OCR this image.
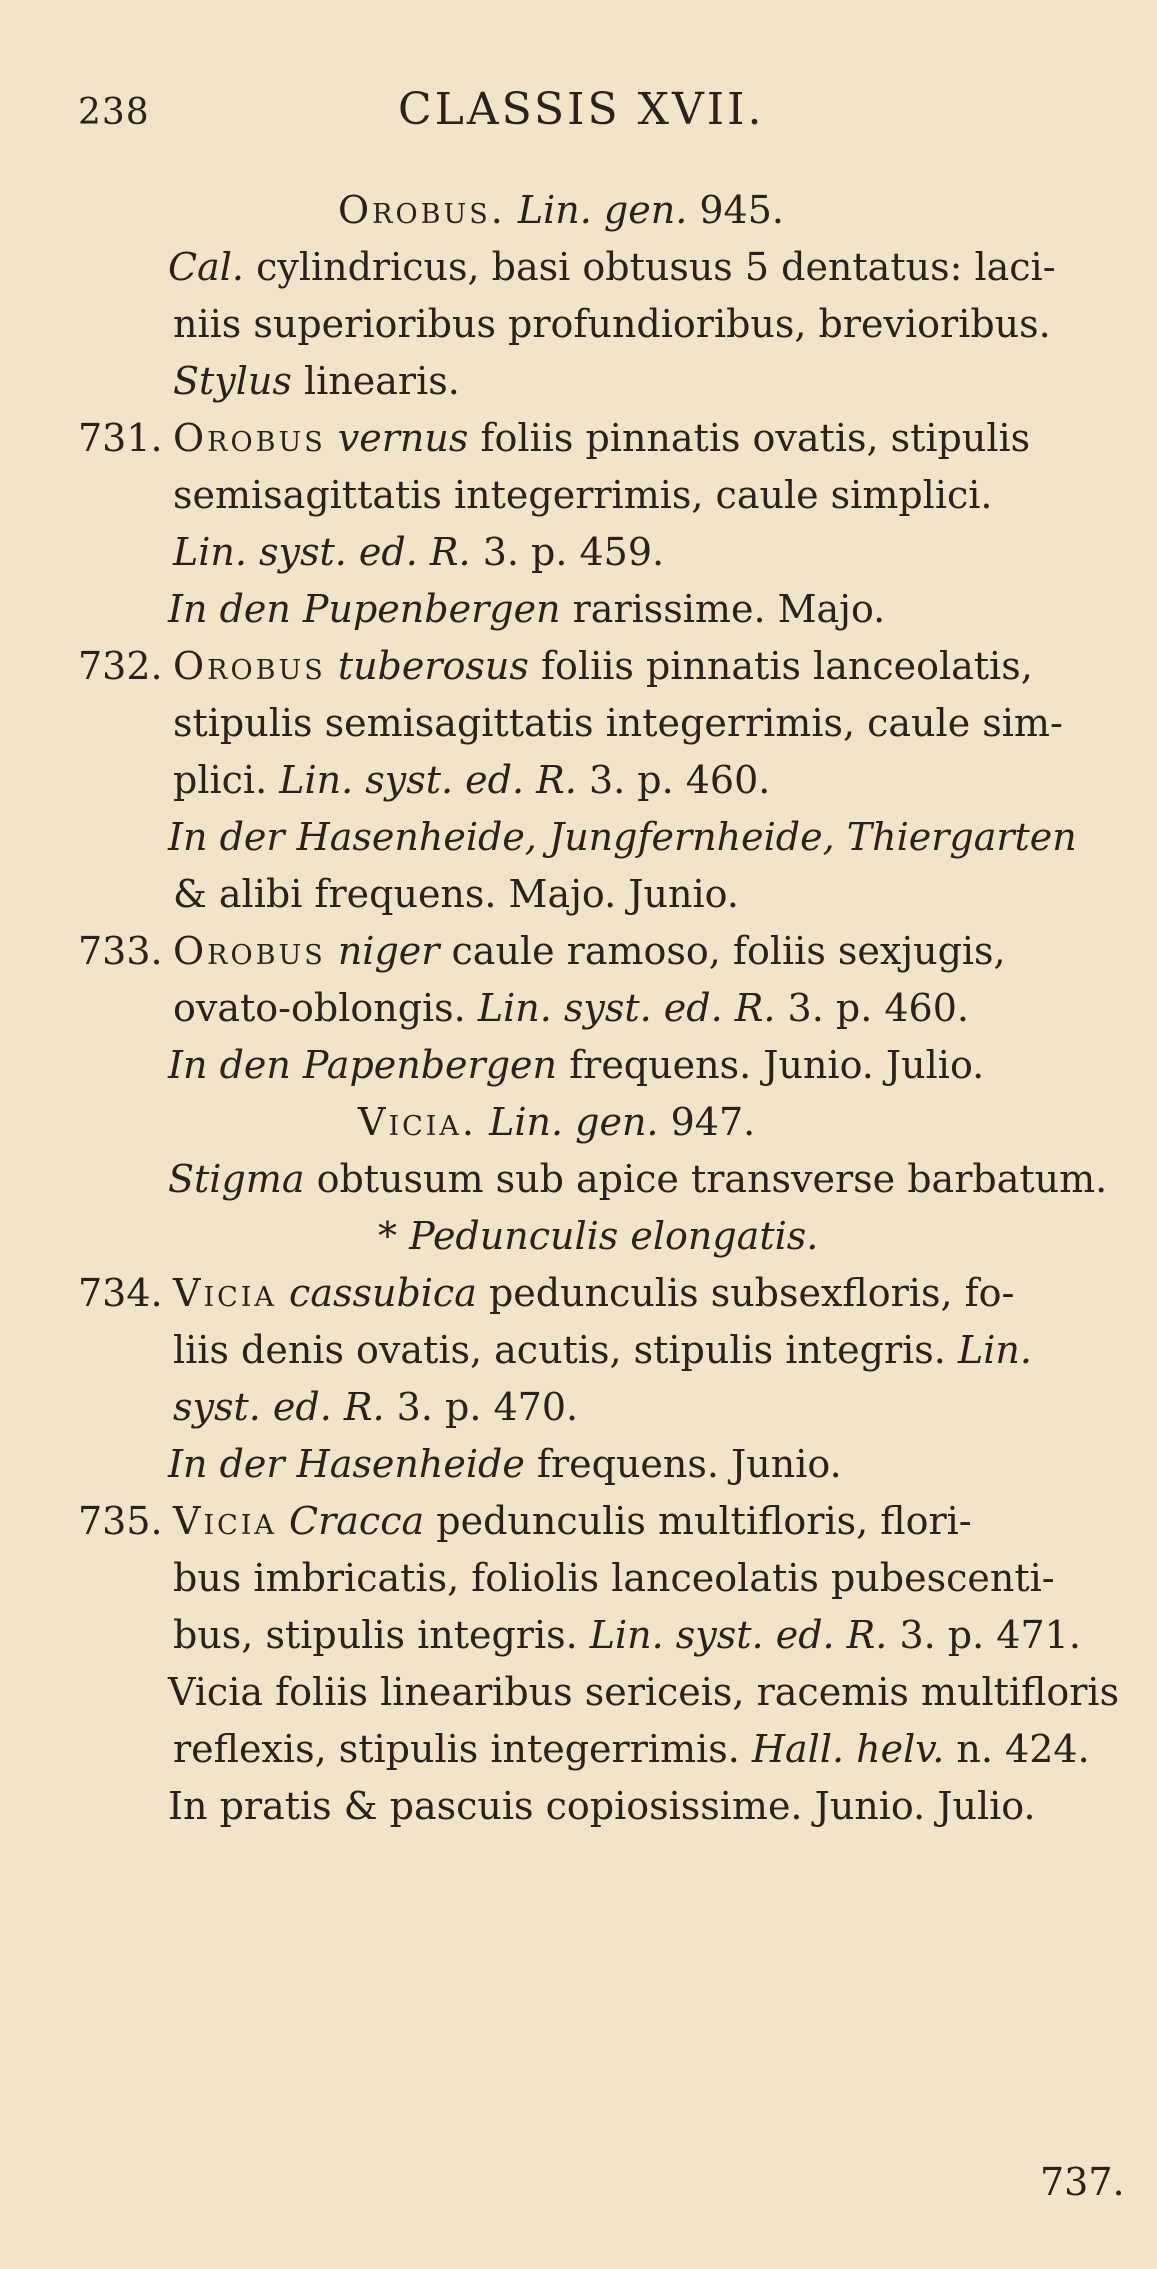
238	CLASSIS XVII.
Orobus. Lin. gen. 945.
Cal. cylindricus, basi obtusus 5 dentatus: laci-
niis superioribus profundioribus, brevioribus.
Stylus linearis.
731. Orobus vernus foliis pinnatis ovatis, stipulis
semisagittatis integerrimis, caule simplici.
Lin. syst. ed. R. 3. p. 459.
In den Pupenbergen rarissime. Majo.
732. Orobus tuberosus foliis pinnatis lanceolatis,
stipulis semisagittatis integerrimis, caule sim-
plici. Lin. syst. ed. R. 3. p. 460.
In der Hasenheide, Jungfernheide, Thiergarten
& alibi frequens. Majo. Junio.
733. Orobus niger caule ramoso, foliis sexjugis,
ovato-oblongis. Lin. syst. ed. R. 3. p. 460.
In den Papenbergen frequens. Junio. Julio.
Vicia. Lin. gen. 947.
Stigma obtusum sub apice transverse barbatum.
* Pedunculis elongatis.
734. Vicia cassubica pedunculis subsexfloris, fo-
liis denis ovatis, acutis, stipulis integris. Lin.
syst. ed. R. 3. p. 470.
In der Hasenheide frequens. Junio.
735. Vicia Cracca pedunculis multifloris, flori-
bus imbricatis, foliolis lanceolatis pubescenti-
bus, stipulis integris. Lin. syst. ed. R. 3. p. 471.
Vicia foliis linearibus sericeis, racemis multifloris
reflexis, stipulis integerrimis. Hall. helv. n. 424.
In pratis & pascuis copiosissime. Junio. Julio.
737.
